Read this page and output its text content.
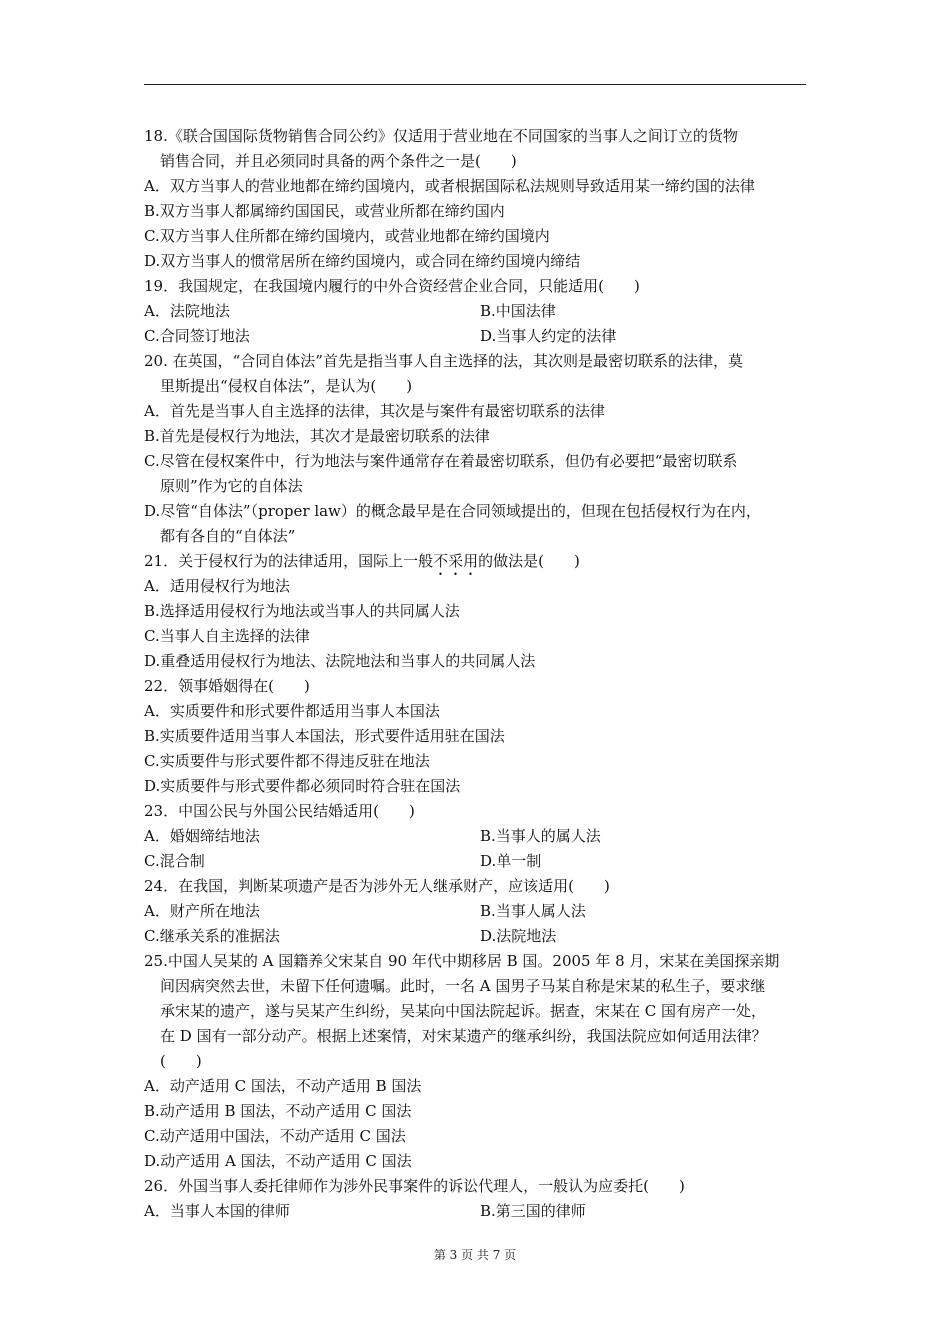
18.《联合国国际货物销售合同公约》仅适用于营业地在不同国家的当事人之间订立的货物
销售合同，并且必须同时具备的两个条件之一是(　　)
A．双方当事人的营业地都在缔约国境内，或者根据国际私法规则导致适用某一缔约国的法律
B.双方当事人都属缔约国国民，或营业所都在缔约国内
C.双方当事人住所都在缔约国境内，或营业地都在缔约国境内
D.双方当事人的惯常居所在缔约国境内，或合同在缔约国境内缔结
19．我国规定，在我国境内履行的中外合资经营企业合同，只能适用(　　)
A．法院地法	B.中国法律
C.合同签订地法	D.当事人约定的法律
20. 在英国，“合同自体法”首先是指当事人自主选择的法，其次则是最密切联系的法律，莫
里斯提出“侵权自体法”，是认为(　　)
A．首先是当事人自主选择的法律，其次是与案件有最密切联系的法律
B.首先是侵权行为地法，其次才是最密切联系的法律
C.尽管在侵权案件中，行为地法与案件通常存在着最密切联系，但仍有必要把“最密切联系
原则”作为它的自体法
D.尽管“自体法”（proper law）的概念最早是在合同领域提出的，但现在包括侵权行为在内，
都有各自的“自体法”
21．关于侵权行为的法律适用，国际上一般不采用的做法是(　　)
A．适用侵权行为地法
B.选择适用侵权行为地法或当事人的共同属人法
C.当事人自主选择的法律
D.重叠适用侵权行为地法、法院地法和当事人的共同属人法
22．领事婚姻得在(　　)
A．实质要件和形式要件都适用当事人本国法
B.实质要件适用当事人本国法，形式要件适用驻在国法
C.实质要件与形式要件都不得违反驻在地法
D.实质要件与形式要件都必须同时符合驻在国法
23．中国公民与外国公民结婚适用(　　)
A．婚姻缔结地法	B.当事人的属人法
C.混合制	D.单一制
24．在我国，判断某项遗产是否为涉外无人继承财产，应该适用(　　)
A．财产所在地法	B.当事人属人法
C.继承关系的准据法	D.法院地法
25.中国人吴某的 A 国籍养父宋某自 90 年代中期移居 B 国。2005 年 8 月，宋某在美国探亲期
间因病突然去世，未留下任何遗嘱。此时，一名 A 国男子马某自称是宋某的私生子，要求继
承宋某的遗产，遂与吴某产生纠纷，吴某向中国法院起诉。据查，宋某在 C 国有房产一处，
在 D 国有一部分动产。根据上述案情，对宋某遗产的继承纠纷，我国法院应如何适用法律？
(　　)
A．动产适用 C 国法，不动产适用 B 国法
B.动产适用 B 国法，不动产适用 C 国法
C.动产适用中国法，不动产适用 C 国法
D.动产适用 A 国法，不动产适用 C 国法
26．外国当事人委托律师作为涉外民事案件的诉讼代理人，一般认为应委托(　　)
A．当事人本国的律师	B.第三国的律师
第 3 页 共 7 页
